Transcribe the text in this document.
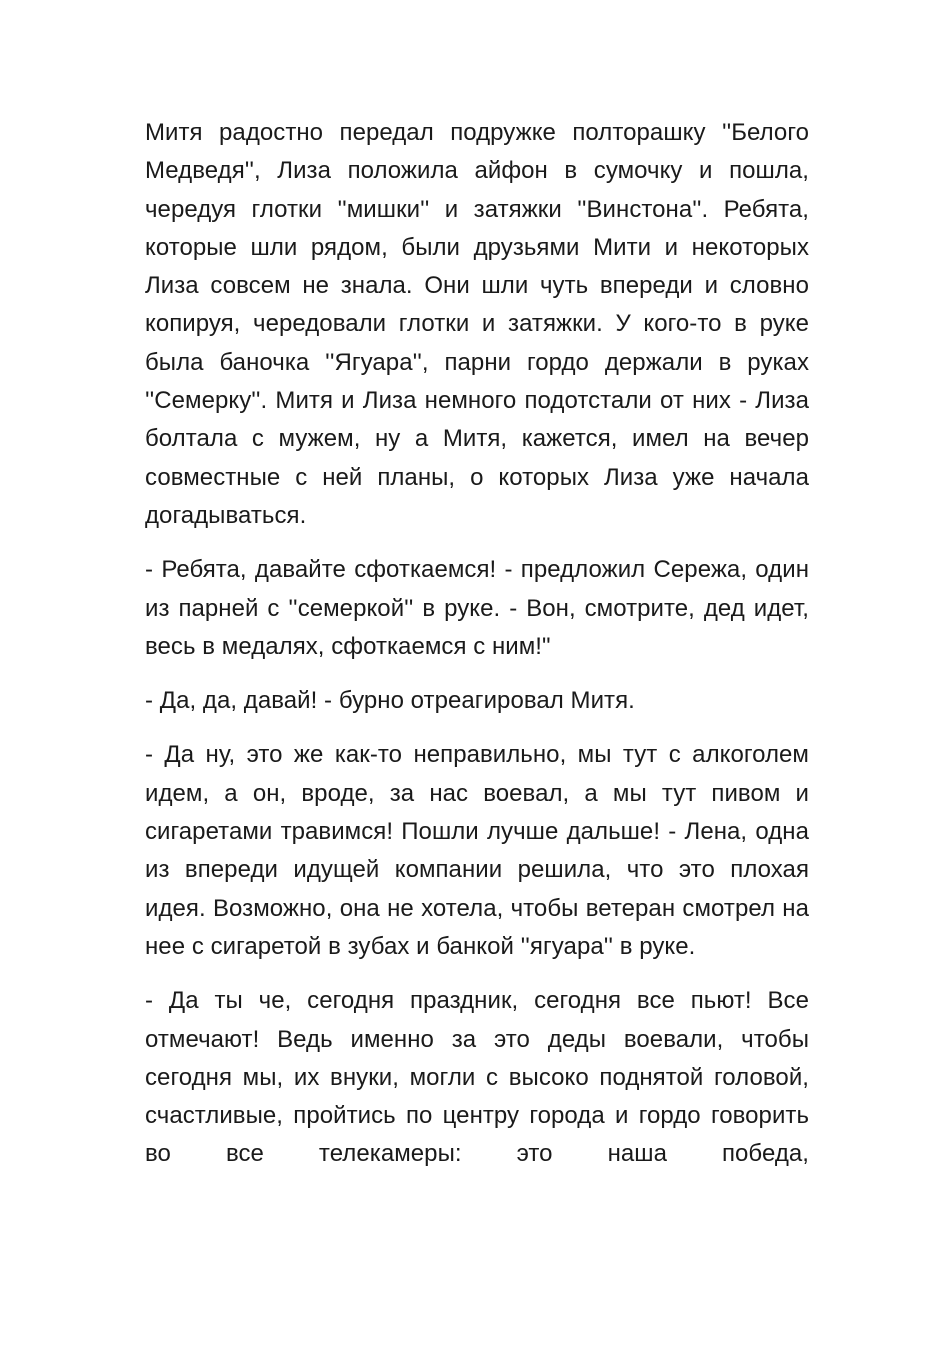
Митя радостно передал подружке полторашку ''Белого Медведя'', Лиза положила айфон в сумочку и пошла, чередуя глотки ''мишки'' и затяжки ''Винстона''. Ребята, которые шли рядом, были друзьями Мити и некоторых Лиза совсем не знала. Они шли чуть впереди и словно копируя, чередовали глотки и затяжки. У кого-то в руке была баночка ''Ягуара'', парни гордо держали в руках ''Семерку''. Митя и Лиза немного подотстали от них - Лиза болтала с мужем, ну а Митя, кажется, имел на вечер совместные с ней планы, о которых Лиза уже начала догадываться.

- Ребята, давайте сфоткаемся! - предложил Сережа, один из парней с ''семеркой'' в руке. - Вон, смотрите, дед идет, весь в медалях, сфоткаемся с ним!"

- Да, да, давай! - бурно отреагировал Митя.

- Да ну, это же как-то неправильно, мы тут с алкоголем идем, а он, вроде, за нас воевал, а мы тут пивом и сигаретами травимся! Пошли лучше дальше! - Лена, одна из впереди идущей компании решила, что это плохая идея. Возможно, она не хотела, чтобы ветеран смотрел на нее с сигаретой в зубах и банкой ''ягуара'' в руке.

- Да ты че, сегодня праздник, сегодня все пьют! Все отмечают! Ведь именно за это деды воевали, чтобы сегодня мы, их внуки, могли с высоко поднятой головой, счастливые, пройтись по центру города и гордо говорить во все телекамеры: это наша победа,
